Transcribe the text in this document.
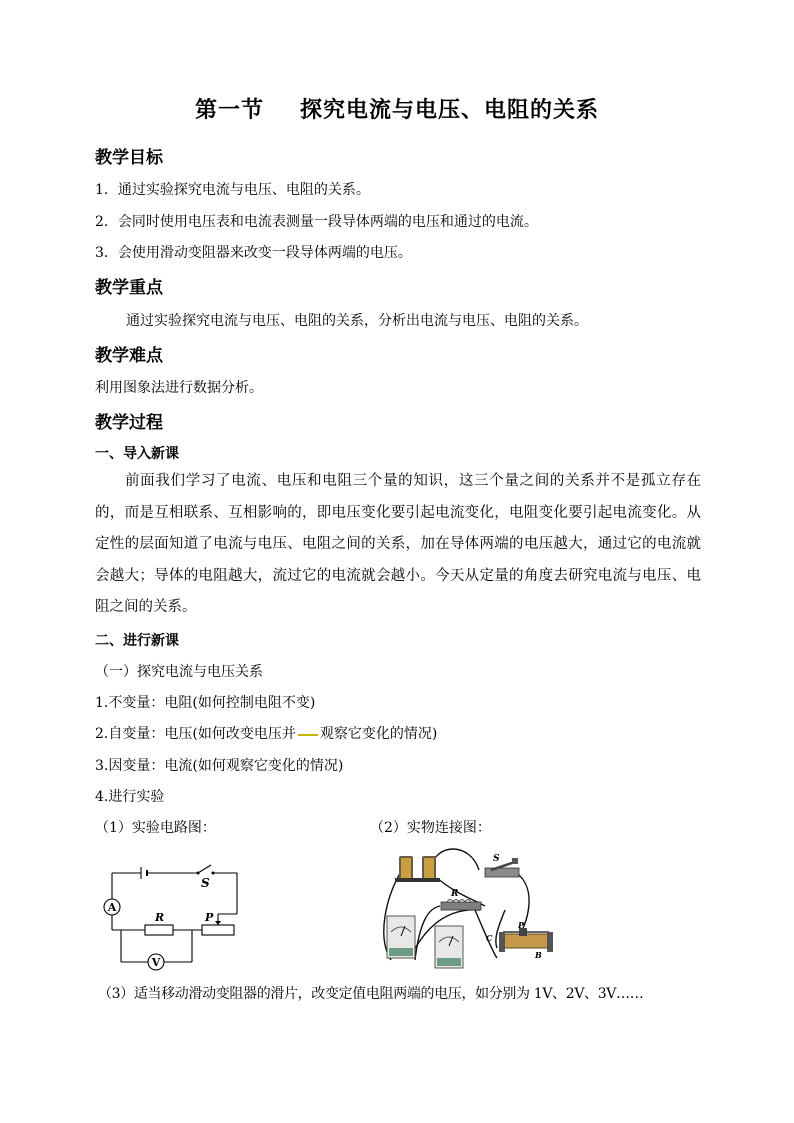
第一节 探究电流与电压、电阻的关系
教学目标
1．通过实验探究电流与电压、电阻的关系。
2．会同时使用电压表和电流表测量一段导体两端的电压和通过的电流。
3．会使用滑动变阻器来改变一段导体两端的电压。
教学重点
通过实验探究电流与电压、电阻的关系，分析出电流与电压、电阻的关系。
教学难点
利用图象法进行数据分析。
教学过程
一、导入新课
前面我们学习了电流、电压和电阻三个量的知识，这三个量之间的关系并不是孤立存在的，而是互相联系、互相影响的，即电压变化要引起电流变化，电阻变化要引起电流变化。从定性的层面知道了电流与电压、电阻之间的关系，加在导体两端的电压越大，通过它的电流就会越大；导体的电阻越大，流过它的电流就会越小。今天从定量的角度去研究电流与电压、电阻之间的关系。
二、进行新课
（一）探究电流与电压关系
1.不变量：电阻(如何控制电阻不变)
2.自变量：电压(如何改变电压并 观察它变化的情况)
3.因变量：电流(如何观察它变化的情况)
4.进行实验
（1）实验电路图：	（2）实物连接图：
A
V
S
R	P
S
R
P
C
B
（3）适当移动滑动变阻器的滑片，改变定值电阻两端的电压，如分别为 1V、2V、3V……
